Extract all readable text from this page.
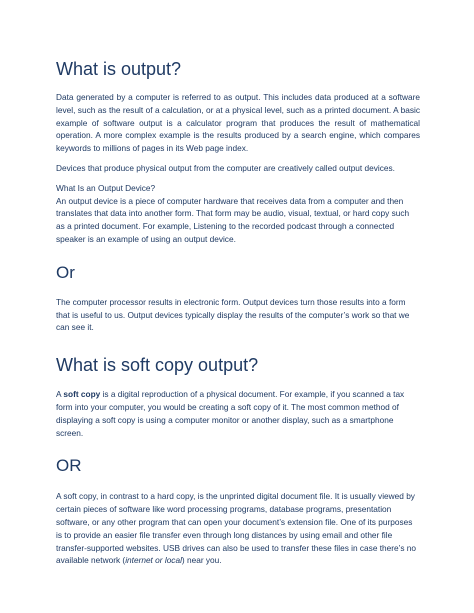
What is output?

Data generated by a computer is referred to as output. This includes data produced at a software level, such as the result of a calculation, or at a physical level, such as a printed document. A basic example of software output is a calculator program that produces the result of mathematical operation. A more complex example is the results produced by a search engine, which compares keywords to millions of pages in its Web page index.

Devices that produce physical output from the computer are creatively called output devices.

What Is an Output Device?

An output device is a piece of computer hardware that receives data from a computer and then translates that data into another form. That form may be audio, visual, textual, or hard copy such as a printed document. For example, Listening to the recorded podcast through a connected speaker is an example of using an output device.

Or

The computer processor results in electronic form. Output devices turn those results into a form that is useful to us. Output devices typically display the results of the computer’s work so that we can see it.

What is soft copy output?

A soft copy is a digital reproduction of a physical document. For example, if you scanned a tax form into your computer, you would be creating a soft copy of it. The most common method of displaying a soft copy is using a computer monitor or another display, such as a smartphone screen.

OR

A soft copy, in contrast to a hard copy, is the unprinted digital document file. It is usually viewed by certain pieces of software like word processing programs, database programs, presentation software, or any other program that can open your document’s extension file. One of its purposes is to provide an easier file transfer even through long distances by using email and other file transfer-supported websites. USB drives can also be used to transfer these files in case there’s no available network (internet or local) near you.
